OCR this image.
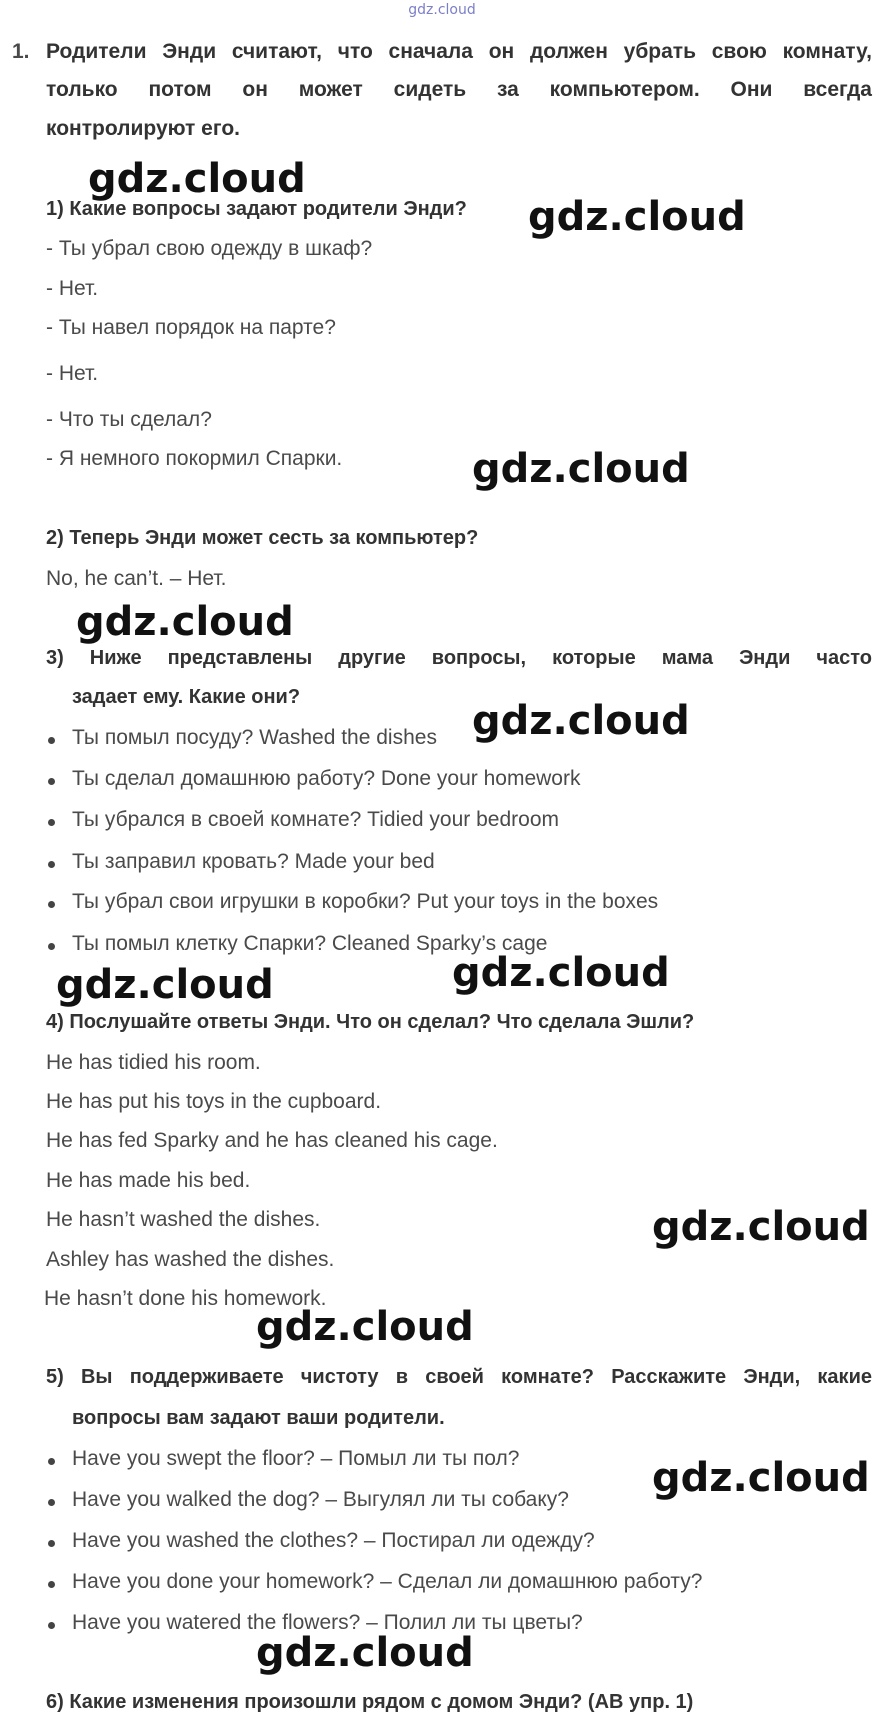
gdz.cloud
1. Родители Энди считают, что сначала он должен убрать свою комнату,
только потом он может сидеть за компьютером. Они всегда
контролируют его.
1) Какие вопросы задают родители Энди?
- Ты убрал свою одежду в шкаф?
- Нет.
- Ты навел порядок на парте?
- Нет.
- Что ты сделал?
- Я немного покормил Спарки.
2) Теперь Энди может сесть за компьютер?
No, he can’t. – Нет.
3) Ниже представлены другие вопросы, которые мама Энди часто
задает ему. Какие они?
Ты помыл посуду? Washed the dishes
Ты сделал домашнюю работу? Done your homework
Ты убрался в своей комнате? Tidied your bedroom
Ты заправил кровать? Made your bed
Ты убрал свои игрушки в коробки? Put your toys in the boxes
Ты помыл клетку Спарки? Cleaned Sparky’s cage
4) Послушайте ответы Энди. Что он сделал? Что сделала Эшли?
He has tidied his room.
He has put his toys in the cupboard.
He has fed Sparky and he has cleaned his cage.
He has made his bed.
He hasn’t washed the dishes.
Ashley has washed the dishes.
He hasn’t done his homework.
5) Вы поддерживаете чистоту в своей комнате? Расскажите Энди, какие
вопросы вам задают ваши родители.
Have you swept the floor? – Помыл ли ты пол?
Have you walked the dog? – Выгулял ли ты собаку?
Have you washed the clothes? – Постирал ли одежду?
Have you done your homework? – Сделал ли домашнюю работу?
Have you watered the flowers? – Полил ли ты цветы?
6) Какие изменения произошли рядом с домом Энди? (АВ упр. 1)
gdz.cloud
gdz.cloud
gdz.cloud
gdz.cloud
gdz.cloud
gdz.cloud
gdz.cloud
gdz.cloud
gdz.cloud
gdz.cloud
gdz.cloud
